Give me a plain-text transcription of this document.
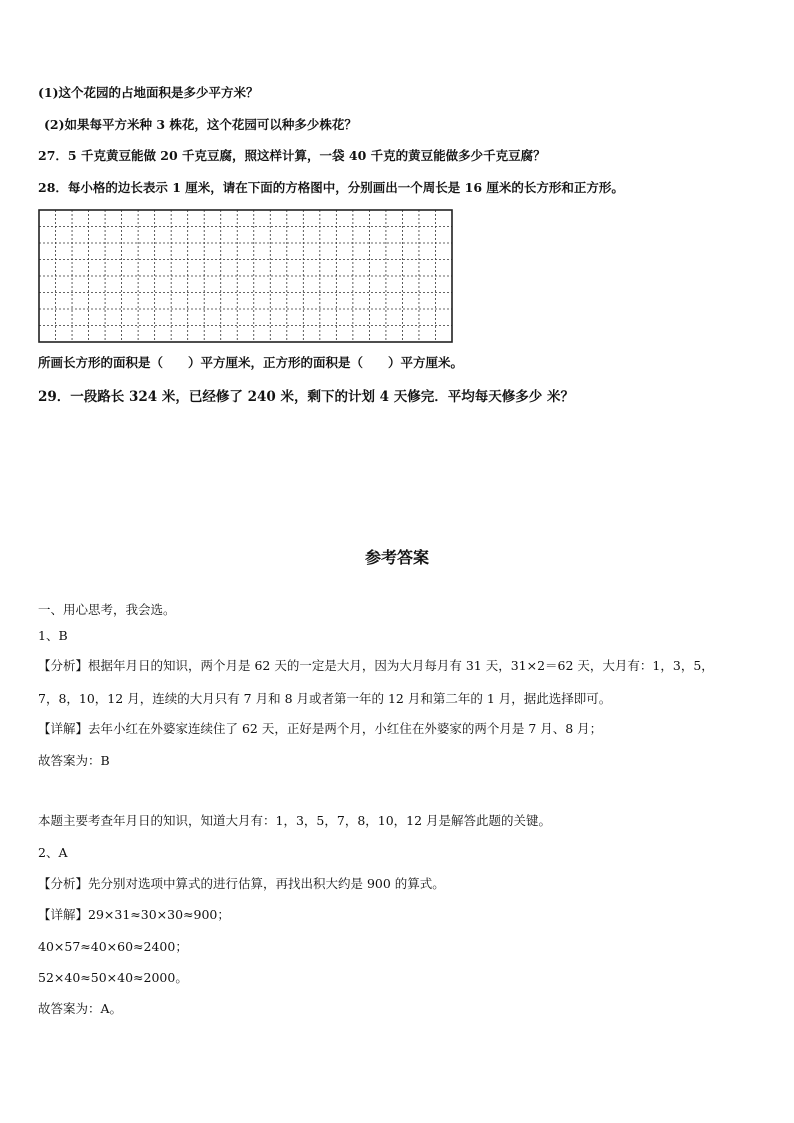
(1)这个花园的占地面积是多少平方米？
(2)如果每平方米种 3 株花，这个花园可以种多少株花？
27．5 千克黄豆能做 20 千克豆腐，照这样计算，一袋 40 千克的黄豆能做多少千克豆腐？
28．每小格的边长表示 1 厘米，请在下面的方格图中，分别画出一个周长是 16 厘米的长方形和正方形。
所画长方形的面积是（　　）平方厘米，正方形的面积是（　　）平方厘米。
29．一段路长 324 米，已经修了 240 米，剩下的计划 4 天修完．平均每天修多少 米？
参考答案
一、用心思考，我会选。
1、B
【分析】根据年月日的知识，两个月是 62 天的一定是大月，因为大月每月有 31 天，31×2＝62 天，大月有：1，3，5，
7，8，10，12 月，连续的大月只有 7 月和 8 月或者第一年的 12 月和第二年的 1 月，据此选择即可。
【详解】去年小红在外婆家连续住了 62 天，正好是两个月，小红住在外婆家的两个月是 7 月、8 月；
故答案为：B
本题主要考查年月日的知识，知道大月有：1，3，5，7，8，10，12 月是解答此题的关键。
2、A
【分析】先分别对选项中算式的进行估算，再找出积大约是 900 的算式。
【详解】29×31≈30×30≈900；
40×57≈40×60≈2400；
52×40≈50×40≈2000。
故答案为：A。
